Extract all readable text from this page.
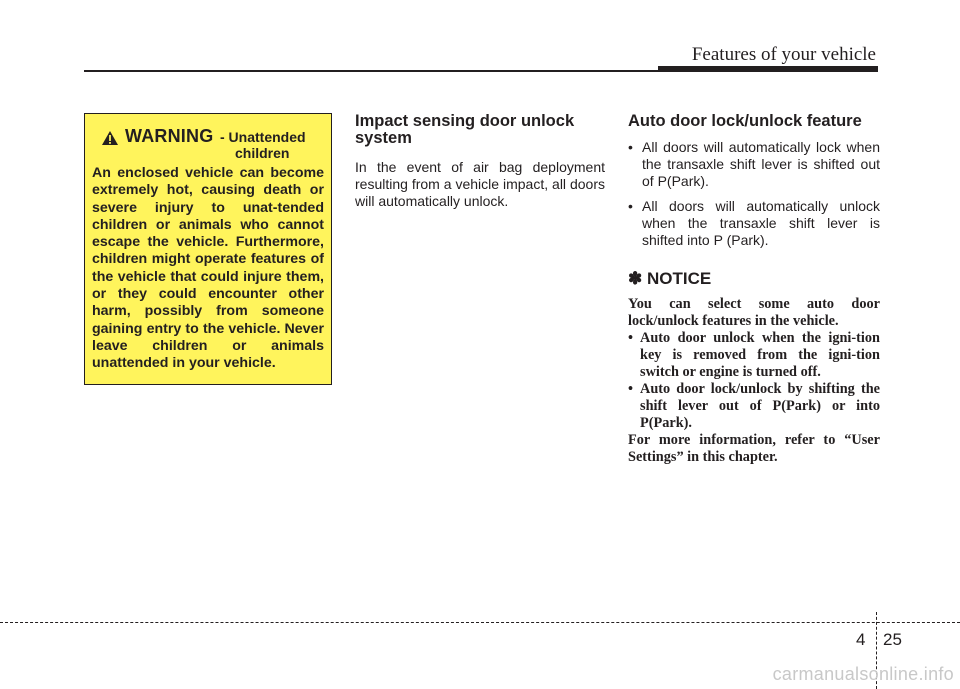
Features of your vehicle
WARNING - Unattended
children
An enclosed vehicle can become extremely hot, causing death or severe injury to unat-tended children or animals who cannot escape the vehicle. Furthermore, children might operate features of the vehicle that could injure them, or they could encounter other harm, possibly from someone gaining entry to the vehicle. Never leave children or animals unattended in your vehicle.
Impact sensing door unlock system

In the event of air bag deployment resulting from a vehicle impact, all doors will automatically unlock.

Auto door lock/unlock feature
• All doors will automatically lock when the transaxle shift lever is shifted out of P(Park).
• All doors will automatically unlock when the transaxle shift lever is shifted into P (Park).
✽ NOTICE

You can select some auto door lock/unlock features in the vehicle.

• Auto door unlock when the igni-tion key is removed from the igni-tion switch or engine is turned off.

• Auto door lock/unlock by shifting the shift lever out of P(Park) or into P(Park).

For more information, refer to “User Settings” in this chapter.

4 25
carmanualsonline.info
